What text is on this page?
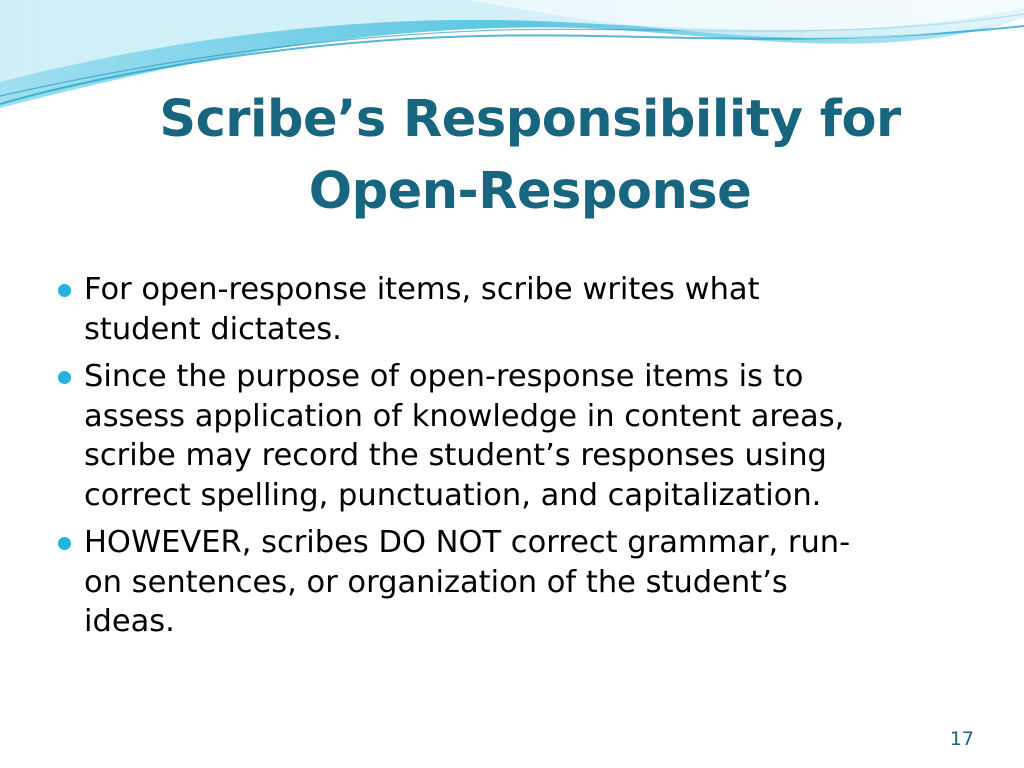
Scribe’s Responsibility for
Open-Response
For open-response items, scribe writes what
student dictates.
Since the purpose of open-response items is to
assess application of knowledge in content areas,
scribe may record the student’s responses using
correct spelling, punctuation, and capitalization.
HOWEVER, scribes DO NOT correct grammar, run-
on sentences, or organization of the student’s
ideas.
17
